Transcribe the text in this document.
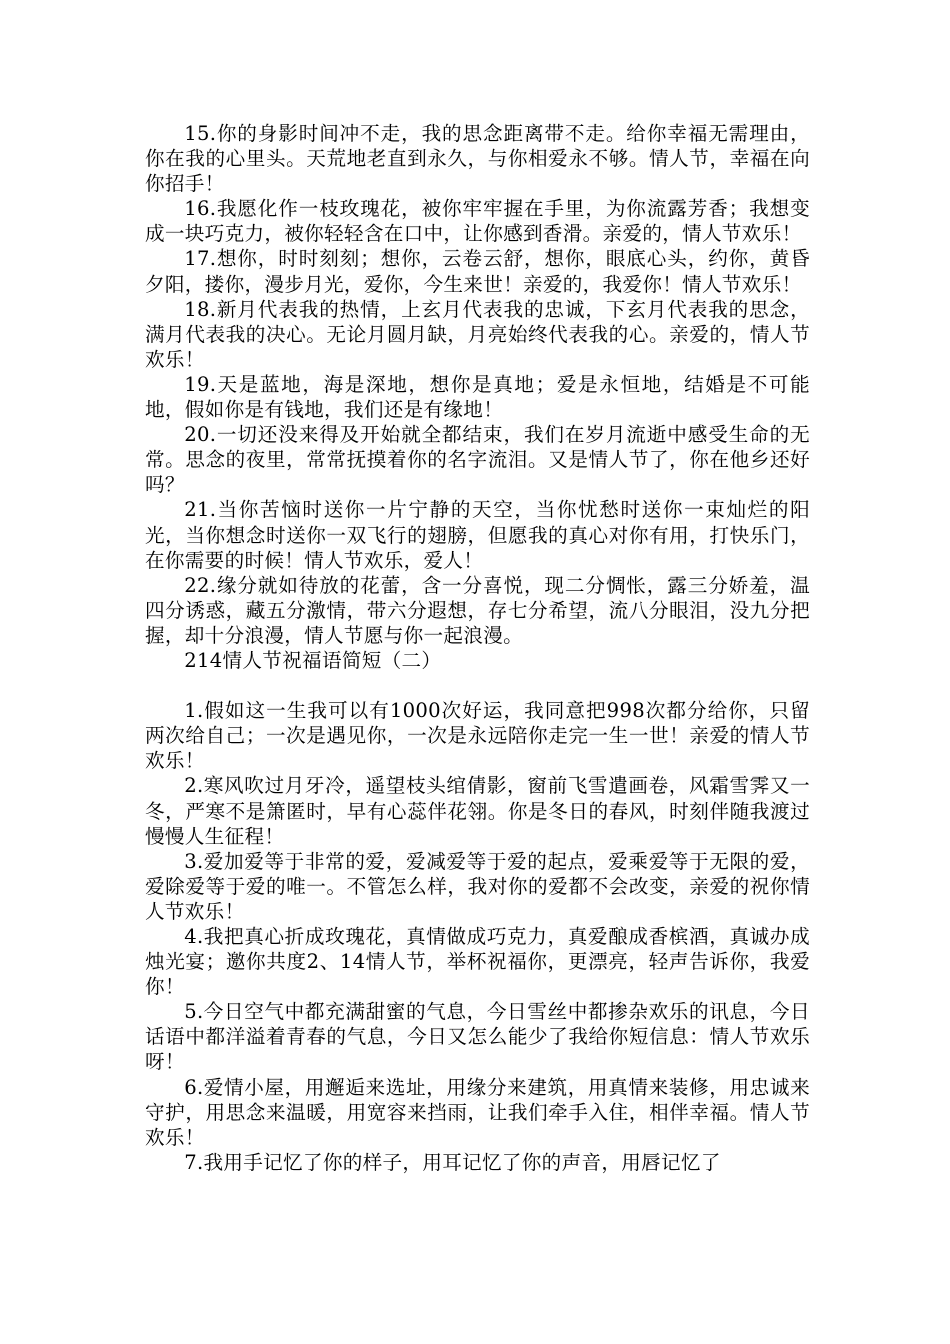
15.你的身影时间冲不走，我的思念距离带不走。给你幸福无需理由，你在我的心里头。天荒地老直到永久，与你相爱永不够。情人节，幸福在向你招手！

16.我愿化作一枝玫瑰花，被你牢牢握在手里，为你流露芳香；我想变成一块巧克力，被你轻轻含在口中，让你感到香滑。亲爱的，情人节欢乐！

17.想你，时时刻刻；想你，云卷云舒，想你，眼底心头，约你，黄昏夕阳，搂你，漫步月光，爱你，今生来世！亲爱的，我爱你！情人节欢乐！

18.新月代表我的热情，上玄月代表我的忠诚，下玄月代表我的思念，满月代表我的决心。无论月圆月缺，月亮始终代表我的心。亲爱的，情人节欢乐！

19.天是蓝地，海是深地，想你是真地；爱是永恒地，结婚是不可能地，假如你是有钱地，我们还是有缘地！

20.一切还没来得及开始就全都结束，我们在岁月流逝中感受生命的无常。思念的夜里，常常抚摸着你的名字流泪。又是情人节了，你在他乡还好吗？

21.当你苦恼时送你一片宁静的天空，当你忧愁时送你一束灿烂的阳光，当你想念时送你一双飞行的翅膀，但愿我的真心对你有用，打快乐门，在你需要的时候！情人节欢乐，爱人！

22.缘分就如待放的花蕾，含一分喜悦，现二分惆怅，露三分娇羞，温四分诱惑，藏五分激情，带六分遐想，存七分希望，流八分眼泪，没九分把握，却十分浪漫，情人节愿与你一起浪漫。

214情人节祝福语简短（二）

1.假如这一生我可以有1000次好运，我同意把998次都分给你，只留两次给自己；一次是遇见你，一次是永远陪你走完一生一世！亲爱的情人节欢乐！

2.寒风吹过月牙冷，遥望枝头绾倩影，窗前飞雪遣画卷，风霜雪霁又一冬，严寒不是箫匿时，早有心蕊伴花翎。你是冬日的春风，时刻伴随我渡过慢慢人生征程！

3.爱加爱等于非常的爱，爱减爱等于爱的起点，爱乘爱等于无限的爱，爱除爱等于爱的唯一。不管怎么样，我对你的爱都不会改变，亲爱的祝你情人节欢乐！

4.我把真心折成玫瑰花，真情做成巧克力，真爱酿成香槟酒，真诚办成烛光宴；邀你共度2、14情人节，举杯祝福你，更漂亮，轻声告诉你，我爱你！

5.今日空气中都充满甜蜜的气息，今日雪丝中都掺杂欢乐的讯息，今日话语中都洋溢着青春的气息，今日又怎么能少了我给你短信息：情人节欢乐呀！

6.爱情小屋，用邂逅来选址，用缘分来建筑，用真情来装修，用忠诚来守护，用思念来温暖，用宽容来挡雨，让我们牵手入住，相伴幸福。情人节欢乐！

7.我用手记忆了你的样子，用耳记忆了你的声音，用唇记忆了
